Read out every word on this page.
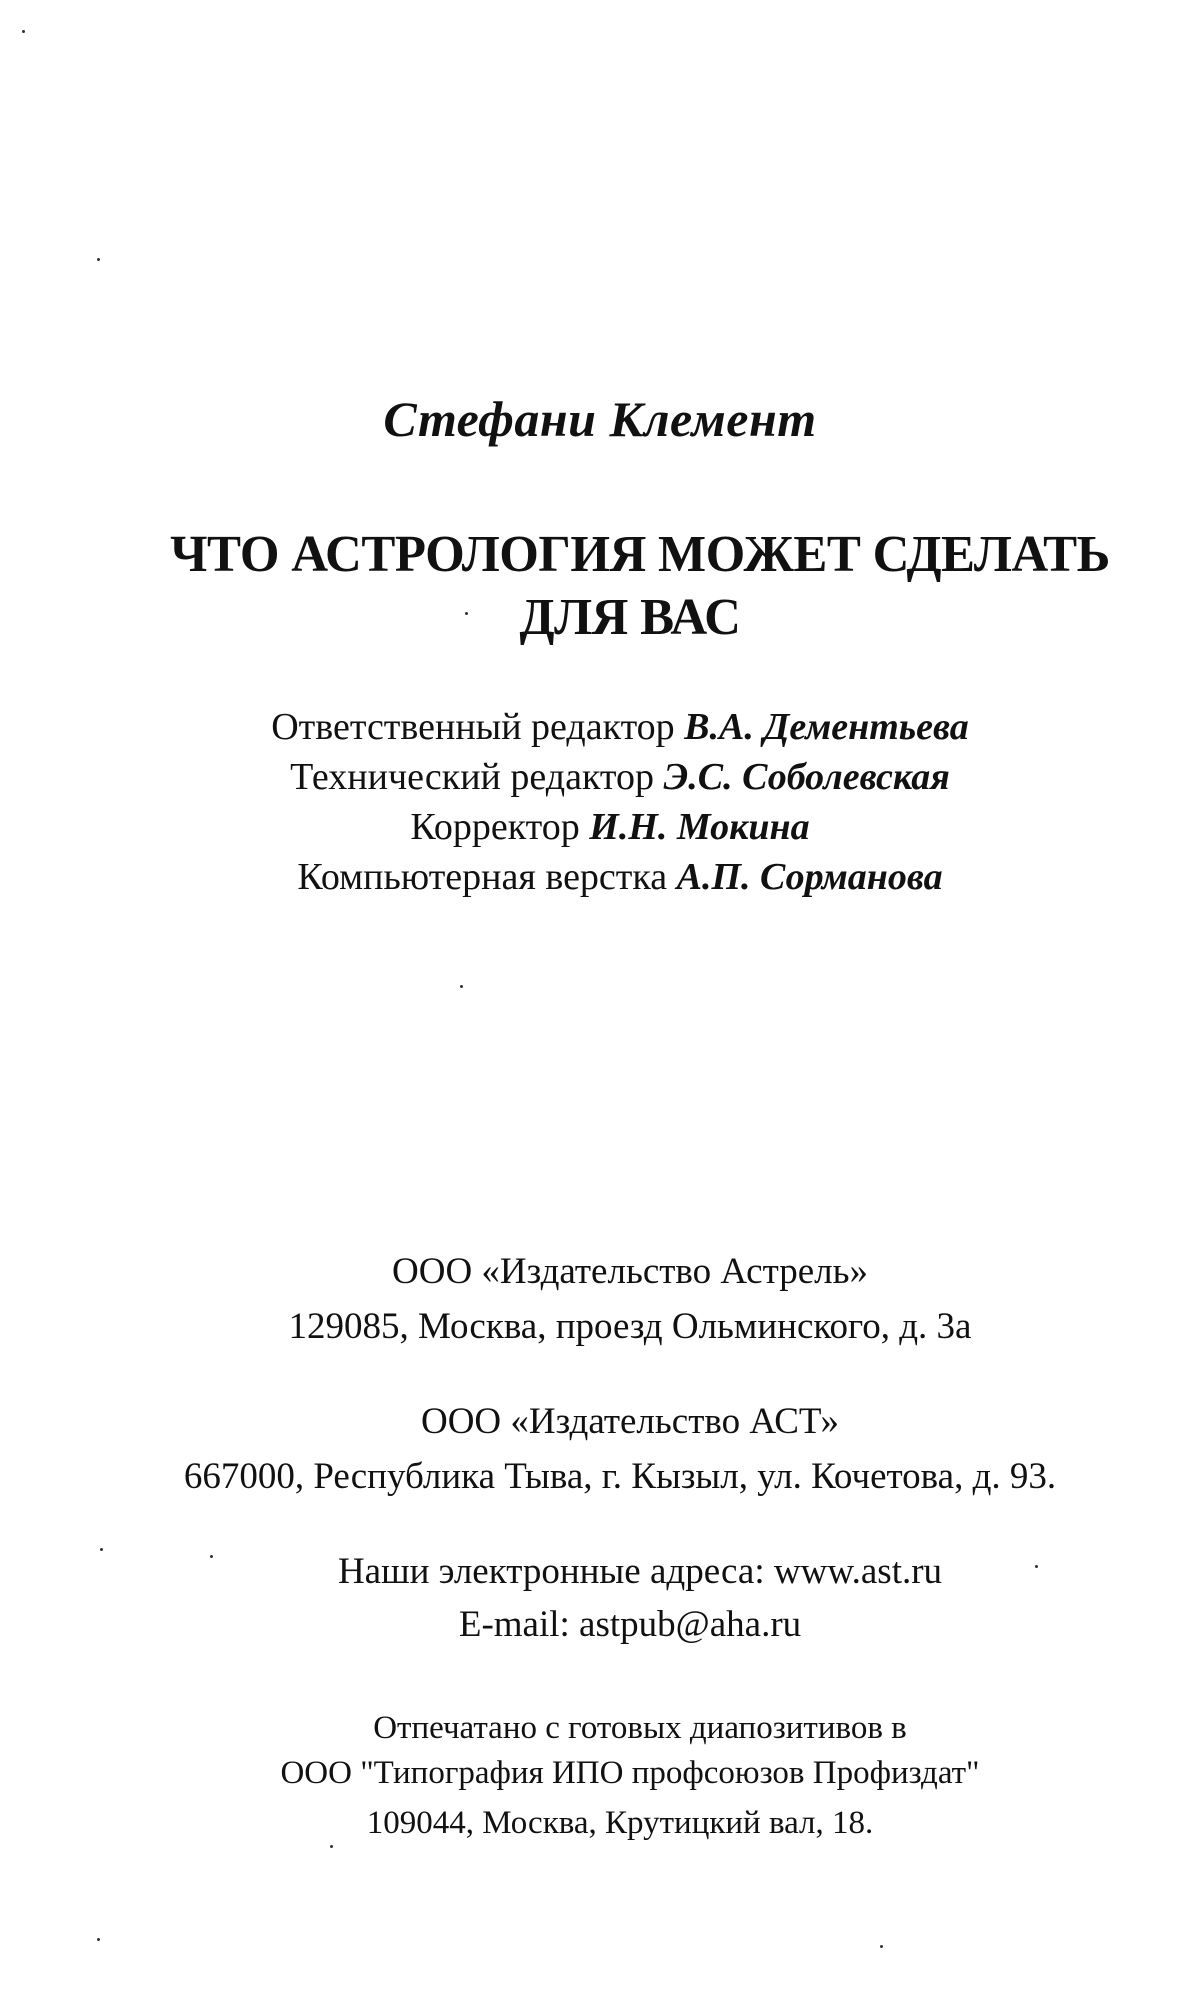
Стефани Клемент
ЧТО АСТРОЛОГИЯ МОЖЕТ СДЕЛАТЬ
ДЛЯ ВАС
Ответственный редактор В.А. Дементьева
Технический редактор Э.С. Соболевская
Корректор И.Н. Мокина
Компьютерная верстка А.П. Сорманова
ООО «Издательство Астрель»
129085, Москва, проезд Ольминского, д. 3а
ООО «Издательство АСТ»
667000, Республика Тыва, г. Кызыл, ул. Кочетова, д. 93.
Наши электронные адреса: www.ast.ru
E-mail: astpub@aha.ru
Отпечатано с готовых диапозитивов в
ООО "Типография ИПО профсоюзов Профиздат"
109044, Москва, Крутицкий вал, 18.
